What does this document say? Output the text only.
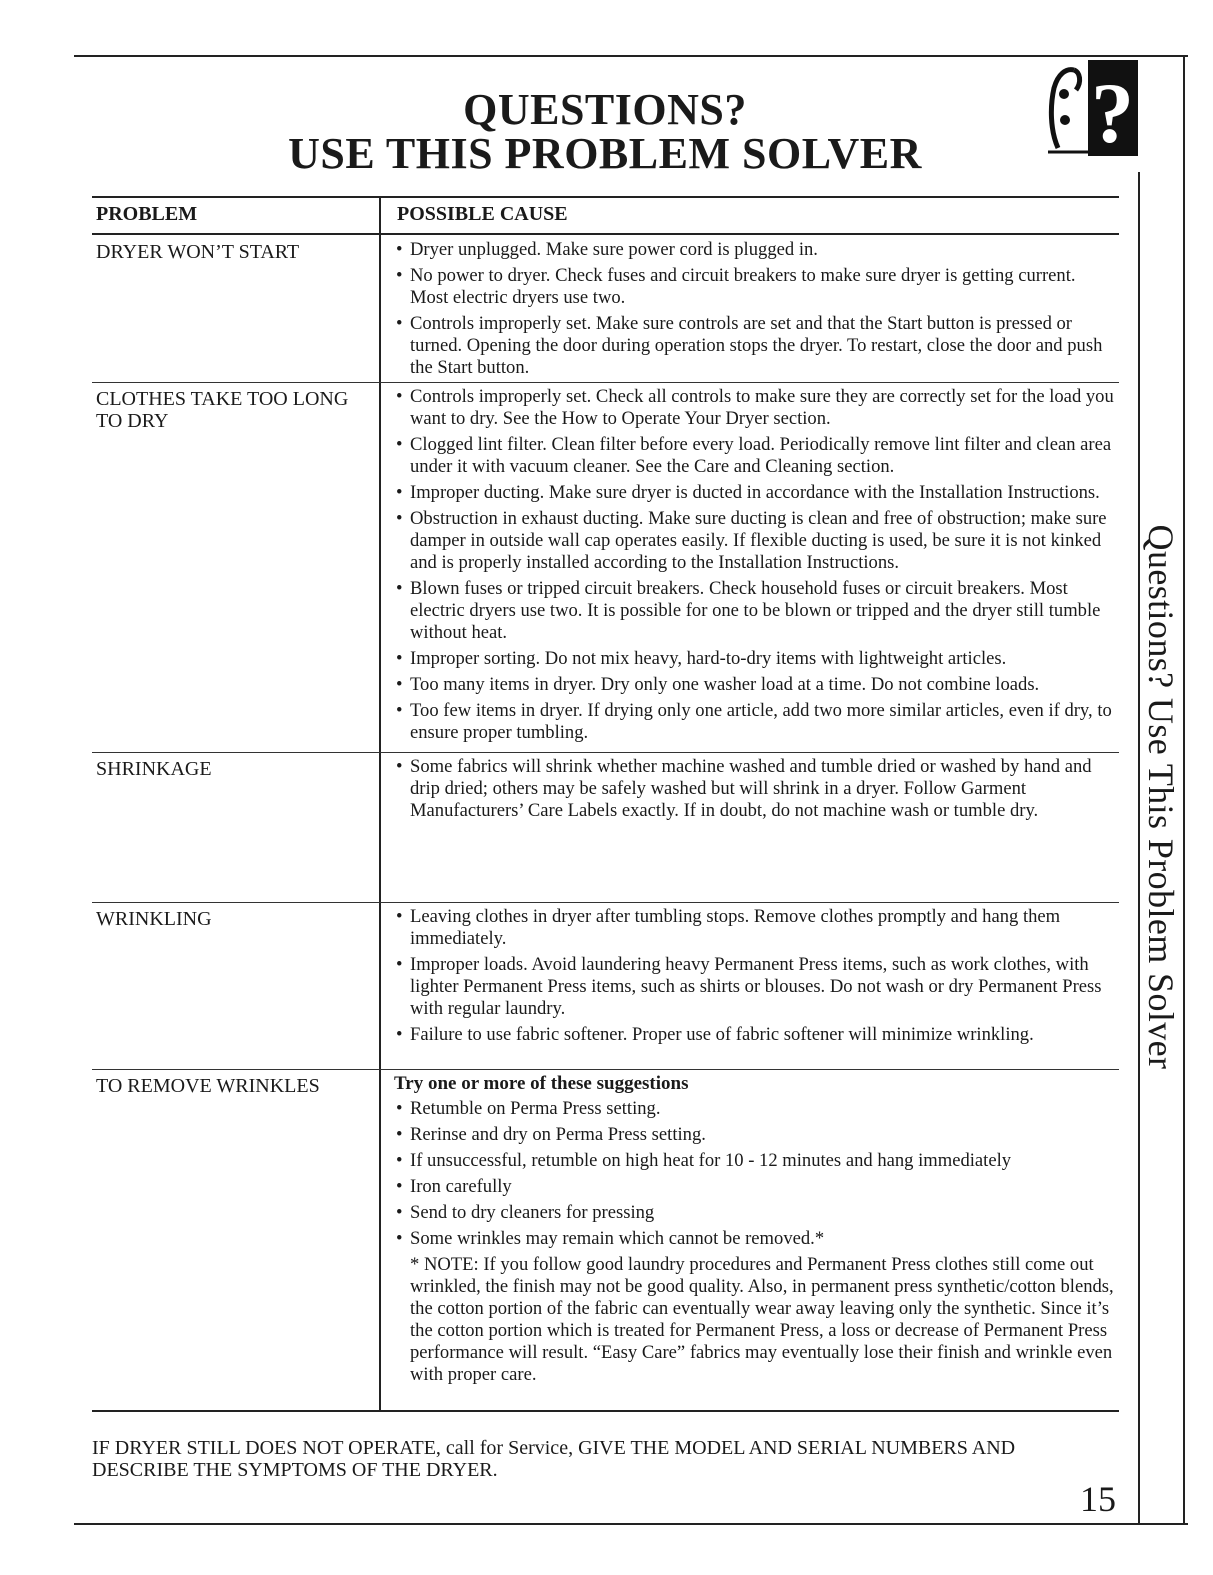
QUESTIONS?
USE THIS PROBLEM SOLVER	?
Questions? Use This Problem Solver
PROBLEM	POSSIBLE CAUSE
DRYER WON’T START	• Dryer unplugged. Make sure power cord is plugged in.
• No power to dryer. Check fuses and circuit breakers to make sure dryer is getting current. Most electric dryers use two.
• Controls improperly set. Make sure controls are set and that the Start button is pressed or turned. Opening the door during operation stops the dryer. To restart, close the door and push the Start button.
CLOTHES TAKE TOO LONG TO DRY
• Controls improperly set. Check all controls to make sure they are correctly set for the load you want to dry. See the How to Operate Your Dryer section.
• Clogged lint filter. Clean filter before every load. Periodically remove lint filter and clean area under it with vacuum cleaner. See the Care and Cleaning section.
• Improper ducting. Make sure dryer is ducted in accordance with the Installation Instructions.
• Obstruction in exhaust ducting. Make sure ducting is clean and free of obstruction; make sure damper in outside wall cap operates easily. If flexible ducting is used, be sure it is not kinked and is properly installed according to the Installation Instructions.
• Blown fuses or tripped circuit breakers. Check household fuses or circuit breakers. Most electric dryers use two. It is possible for one to be blown or tripped and the dryer still tumble without heat.
• Improper sorting. Do not mix heavy, hard-to-dry items with lightweight articles.
• Too many items in dryer. Dry only one washer load at a time. Do not combine loads.
• Too few items in dryer. If drying only one article, add two more similar articles, even if dry, to ensure proper tumbling.
SHRINKAGE	• Some fabrics will shrink whether machine washed and tumble dried or washed by hand and drip dried; others may be safely washed but will shrink in a dryer. Follow Garment Manufacturers’ Care Labels exactly. If in doubt, do not machine wash or tumble dry.
WRINKLING	• Leaving clothes in dryer after tumbling stops. Remove clothes promptly and hang them immediately.
• Improper loads. Avoid laundering heavy Permanent Press items, such as work clothes, with lighter Permanent Press items, such as shirts or blouses. Do not wash or dry Permanent Press with regular laundry.
• Failure to use fabric softener. Proper use of fabric softener will minimize wrinkling.
TO REMOVE WRINKLES	Try one or more of these suggestions
• Retumble on Perma Press setting.
• Rerinse and dry on Perma Press setting.
• If unsuccessful, retumble on high heat for 10 - 12 minutes and hang immediately
• Iron carefully
• Send to dry cleaners for pressing
• Some wrinkles may remain which cannot be removed.*
* NOTE: If you follow good laundry procedures and Permanent Press clothes still come out wrinkled, the finish may not be good quality. Also, in permanent press synthetic/cotton blends, the cotton portion of the fabric can eventually wear away leaving only the synthetic. Since it’s the cotton portion which is treated for Permanent Press, a loss or decrease of Permanent Press performance will result. “Easy Care” fabrics may eventually lose their finish and wrinkle even with proper care.
IF DRYER STILL DOES NOT OPERATE, call for Service, GIVE THE MODEL AND SERIAL NUMBERS AND DESCRIBE THE SYMPTOMS OF THE DRYER.
15
